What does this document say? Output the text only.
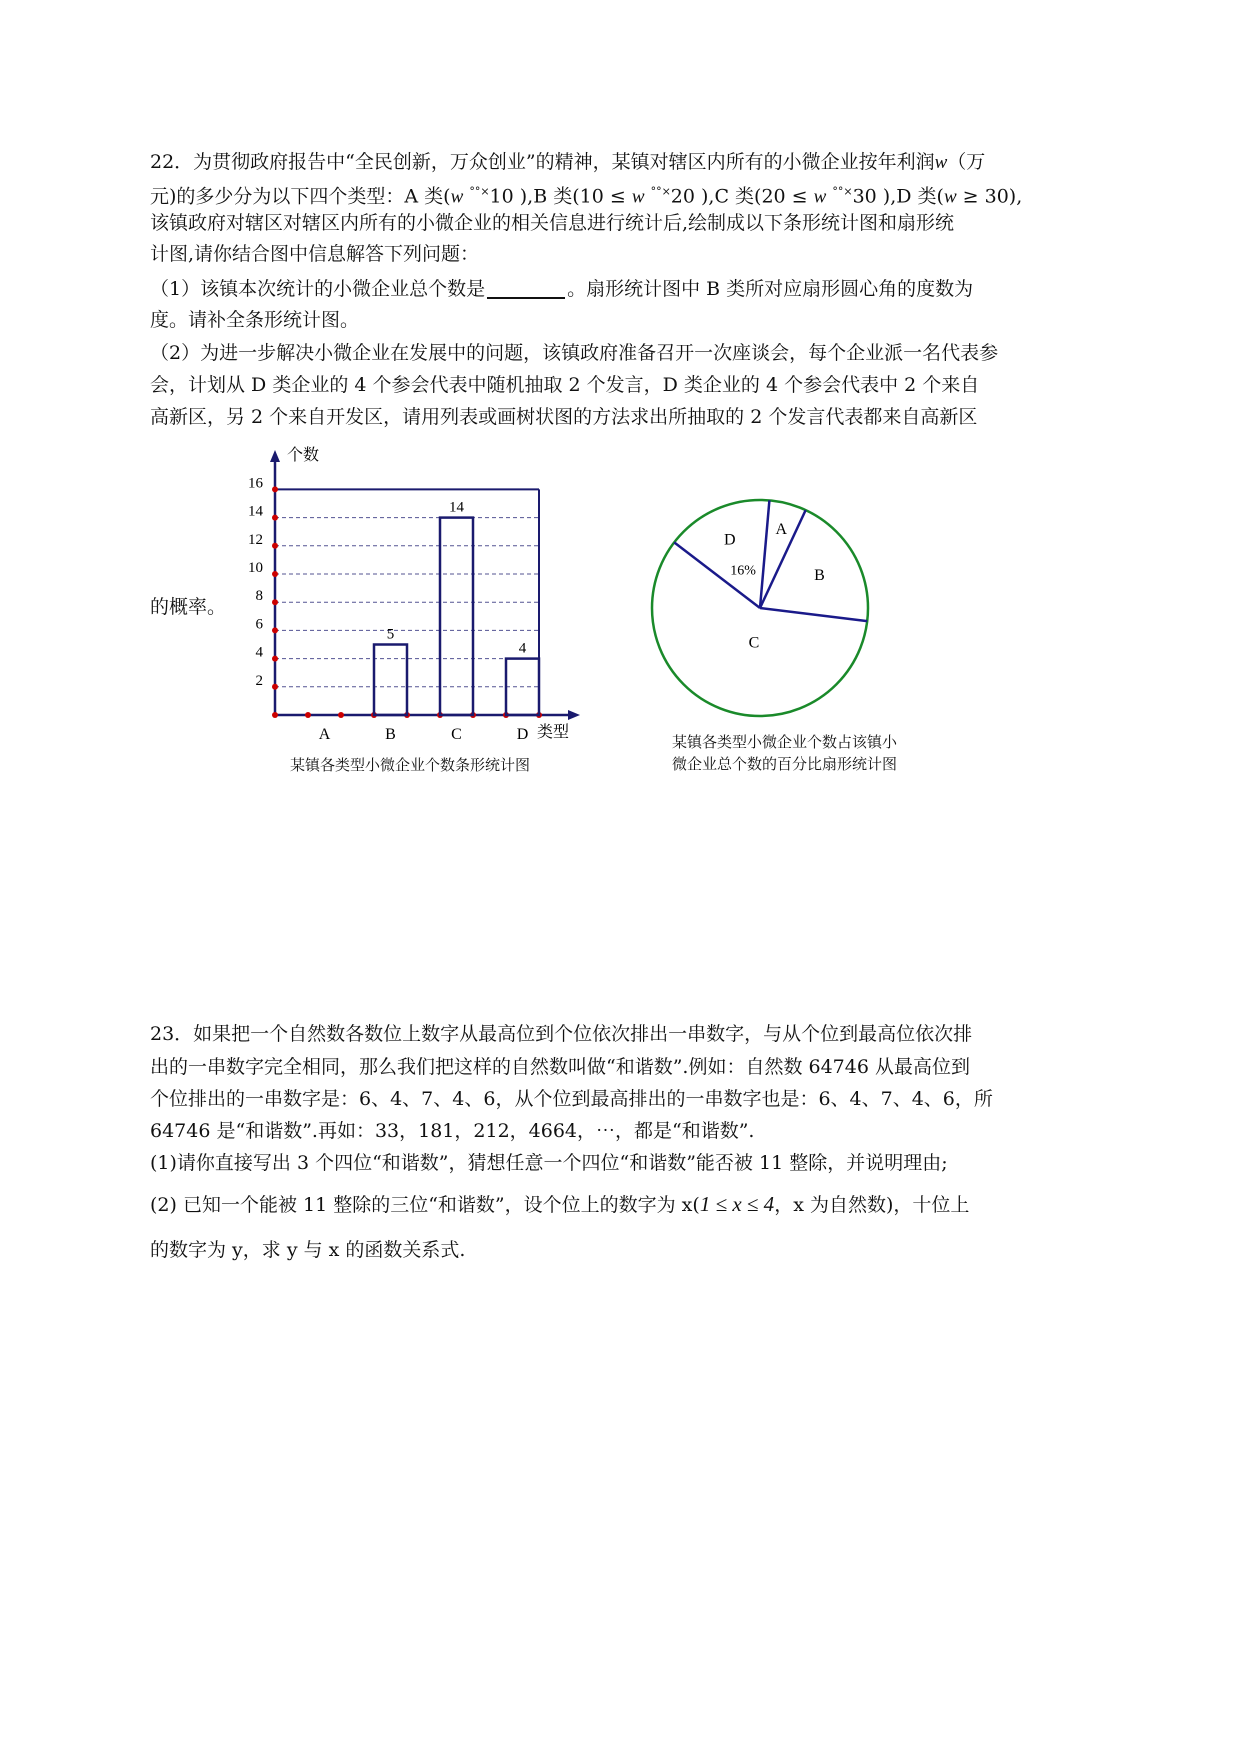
22．为贯彻政府报告中“全民创新，万众创业”的精神，某镇对辖区内所有的小微企业按年利润w（万
元)的多少分为以下四个类型：A 类(w °°×10 ),B 类(10 ≤ w °°×20 ),C 类(20 ≤ w °°×30 ),D 类(w ≥ 30),
该镇政府对辖区对辖区内所有的小微企业的相关信息进行统计后,绘制成以下条形统计图和扇形统
计图,请你结合图中信息解答下列问题：
（1）该镇本次统计的小微企业总个数是	。扇形统计图中 B 类所对应扇形圆心角的度数为
度。请补全条形统计图。
（2）为进一步解决小微企业在发展中的问题，该镇政府准备召开一次座谈会，每个企业派一名代表参
会，计划从 D 类企业的 4 个参会代表中随机抽取 2 个发言，D 类企业的 4 个参会代表中 2 个来自
高新区，另 2 个来自开发区，请用列表或画树状图的方法求出所抽取的 2 个发言代表都来自高新区
的概率。
5
14
4
2
4
6
8
10
12
14
16
A	B	C	D
个数
类型
某镇各类型小微企业个数条形统计图
A
B
C
D
16%
某镇各类型小微企业个数占该镇小
微企业总个数的百分比扇形统计图
23．如果把一个自然数各数位上数字从最高位到个位依次排出一串数字，与从个位到最高位依次排
出的一串数字完全相同，那么我们把这样的自然数叫做“和谐数”.例如：自然数 64746 从最高位到
个位排出的一串数字是：6、4、7、4、6，从个位到最高排出的一串数字也是：6、4、7、4、6，所
64746 是“和谐数”.再如：33，181，212，4664，⋯，都是“和谐数”.
(1)请你直接写出 3 个四位“和谐数”，猜想任意一个四位“和谐数”能否被 11 整除，并说明理由;
(2) 已知一个能被 11 整除的三位“和谐数”，设个位上的数字为 x(1 ≤ x ≤ 4，x 为自然数)，十位上
的数字为 y，求 y 与 x 的函数关系式.
